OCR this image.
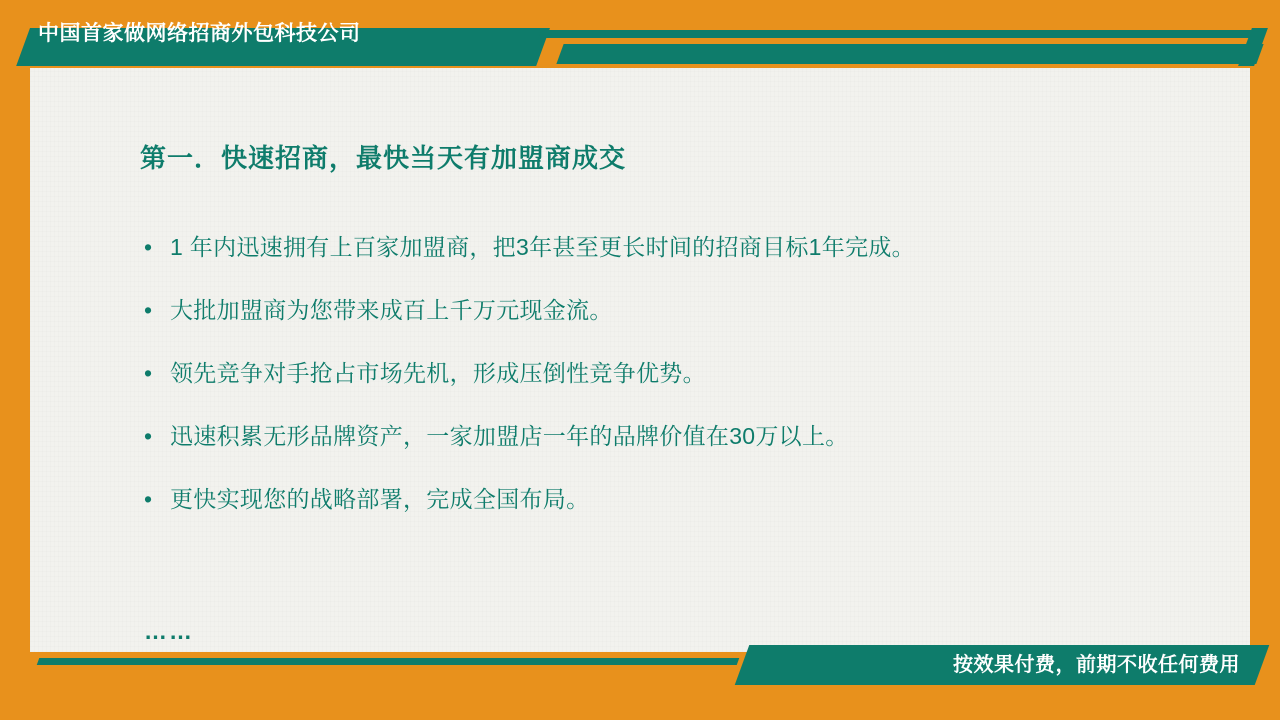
中国首家做网络招商外包科技公司
第一．快速招商，最快当天有加盟商成交
• 1 年内迅速拥有上百家加盟商，把3年甚至更长时间的招商目标1年完成。
• 大批加盟商为您带来成百上千万元现金流。
• 领先竞争对手抢占市场先机，形成压倒性竞争优势。
• 迅速积累无形品牌资产，一家加盟店一年的品牌价值在30万以上。
• 更快实现您的战略部署，完成全国布局。
……
按效果付费，前期不收任何费用
